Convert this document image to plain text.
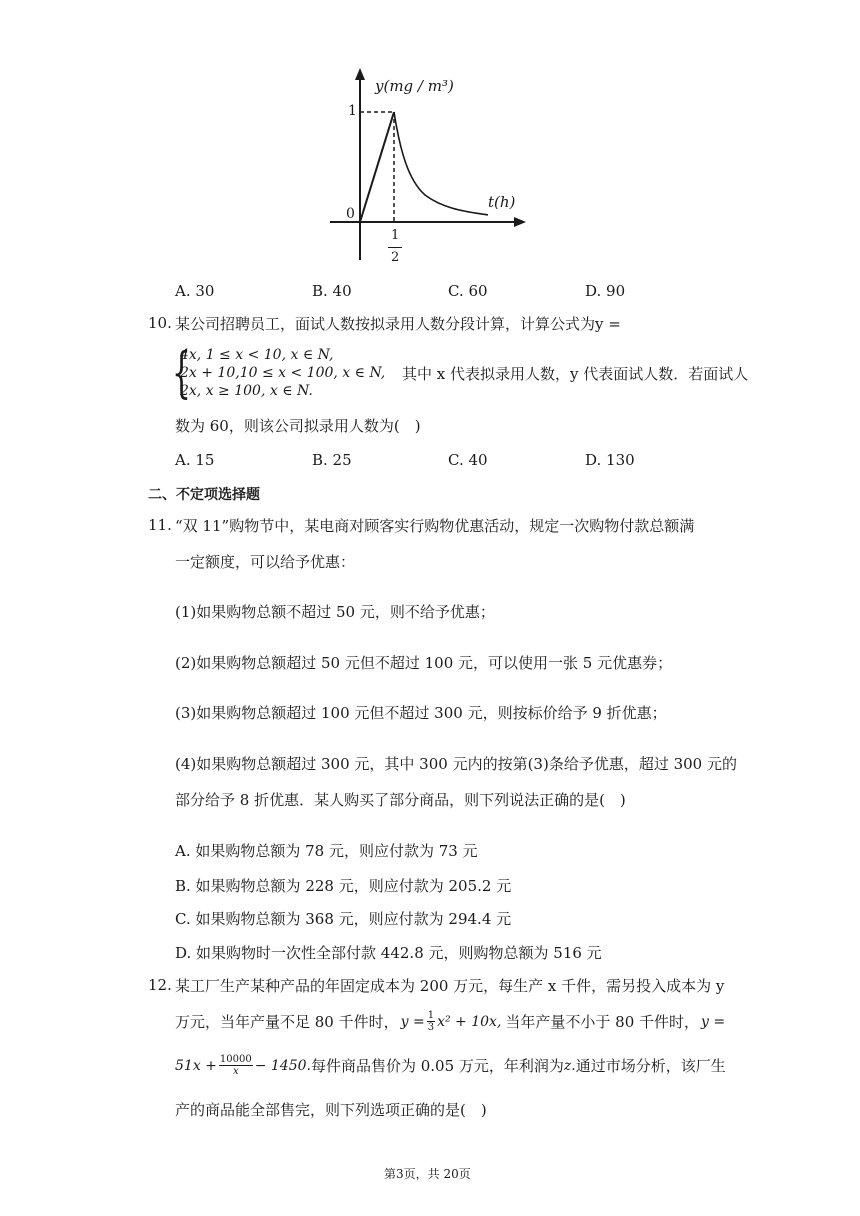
y(mg / m³)
t(h)
0
1
1
2
A. 30	B. 40	C. 60	D. 90
10. 某公司招聘员工，面试人数按拟录用人数分段计算，计算公式为y =
{
4x, 1 ≤ x < 10, x ∈ N,
2x + 10,10 ≤ x < 100, x ∈ N, 其中 x 代表拟录用人数，y 代表面试人数．若面试人
2x, x ≥ 100, x ∈ N.
数为 60，则该公司拟录用人数为(　)
A. 15	B. 25	C. 40	D. 130
二、不定项选择题
11. “双 11”购物节中，某电商对顾客实行购物优惠活动，规定一次购物付款总额满
一定额度，可以给予优惠：
(1)如果购物总额不超过 50 元，则不给予优惠；
(2)如果购物总额超过 50 元但不超过 100 元，可以使用一张 5 元优惠券；
(3)如果购物总额超过 100 元但不超过 300 元，则按标价给予 9 折优惠；
(4)如果购物总额超过 300 元，其中 300 元内的按第(3)条给予优惠，超过 300 元的
部分给予 8 折优惠．某人购买了部分商品，则下列说法正确的是(　)
A. 如果购物总额为 78 元，则应付款为 73 元
B. 如果购物总额为 228 元，则应付款为 205.2 元
C. 如果购物总额为 368 元，则应付款为 294.4 元
D. 如果购物时一次性全部付款 442.8 元，则购物总额为 516 元
12. 某工厂生产某种产品的年固定成本为 200 万元，每生产 x 千件，需另投入成本为 y
万元，当年产量不足 80 千件时， $y = \frac{1}{3} x^2 + 10x$, 当年产量不小于 80 千件时， y =
$51x + \frac{10000}{x} - 1450$. 每件商品售价为 0.05 万元，年利润为 z. 通过市场分析，该厂生
产的商品能全部售完，则下列选项正确的是(　)
第3页，共 20页
